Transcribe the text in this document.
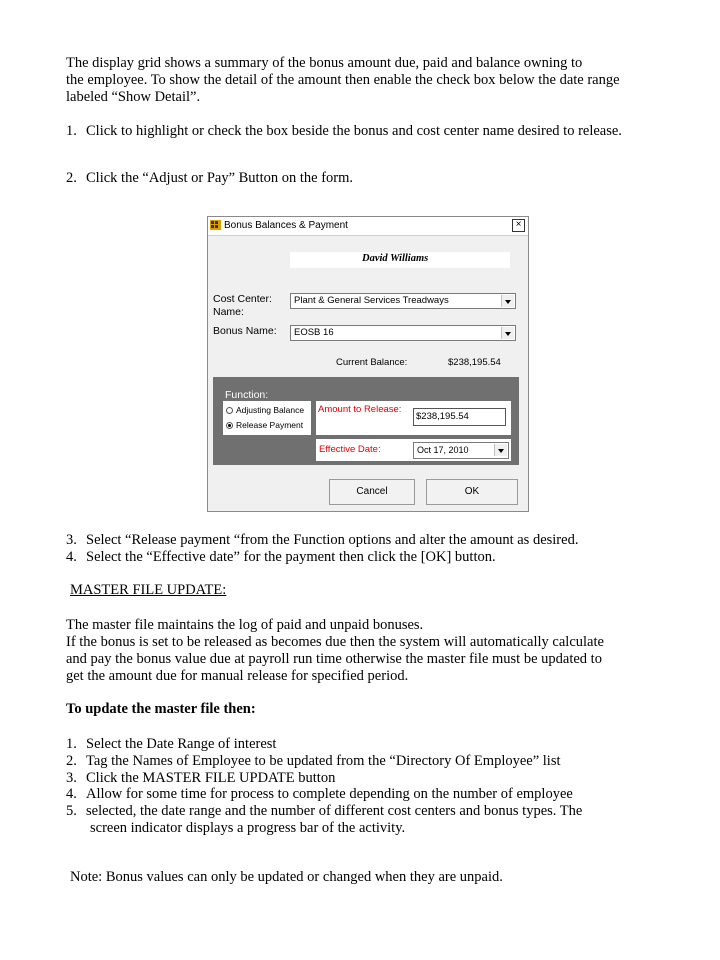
The display grid shows a summary of the bonus amount due, paid and balance owning to
the employee. To show the detail of the amount then enable the check box below the date range
labeled “Show Detail”.
1. Click to highlight or check the box beside the bonus and cost center name desired to release.
2. Click the “Adjust or Pay” Button on the form.
Bonus Balances & Payment	×
David Williams
Cost Center:
Name:
Plant & General Services Treadways
Bonus Name:	EOSB 16
Current Balance:	$238,195.54
Function:
Adjusting Balance
Release Payment
Amount to Release:
$238,195.54
Effective Date:	Oct 17, 2010
Cancel	OK
3. Select “Release payment “from the Function options and alter the amount as desired.
4. Select the “Effective date” for the payment then click the [OK] button.
MASTER FILE UPDATE:
The master file maintains the log of paid and unpaid bonuses.
If the bonus is set to be released as becomes due then the system will automatically calculate
and pay the bonus value due at payroll run time otherwise the master file must be updated to
get the amount due for manual release for specified period.
To update the master file then:
1. Select the Date Range of interest
2. Tag the Names of Employee to be updated from the “Directory Of Employee” list
3. Click the MASTER FILE UPDATE button
4. Allow for some time for process to complete depending on the number of employee
5. selected, the date range and the number of different cost centers and bonus types. The
screen indicator displays a progress bar of the activity.
Note: Bonus values can only be updated or changed when they are unpaid.
